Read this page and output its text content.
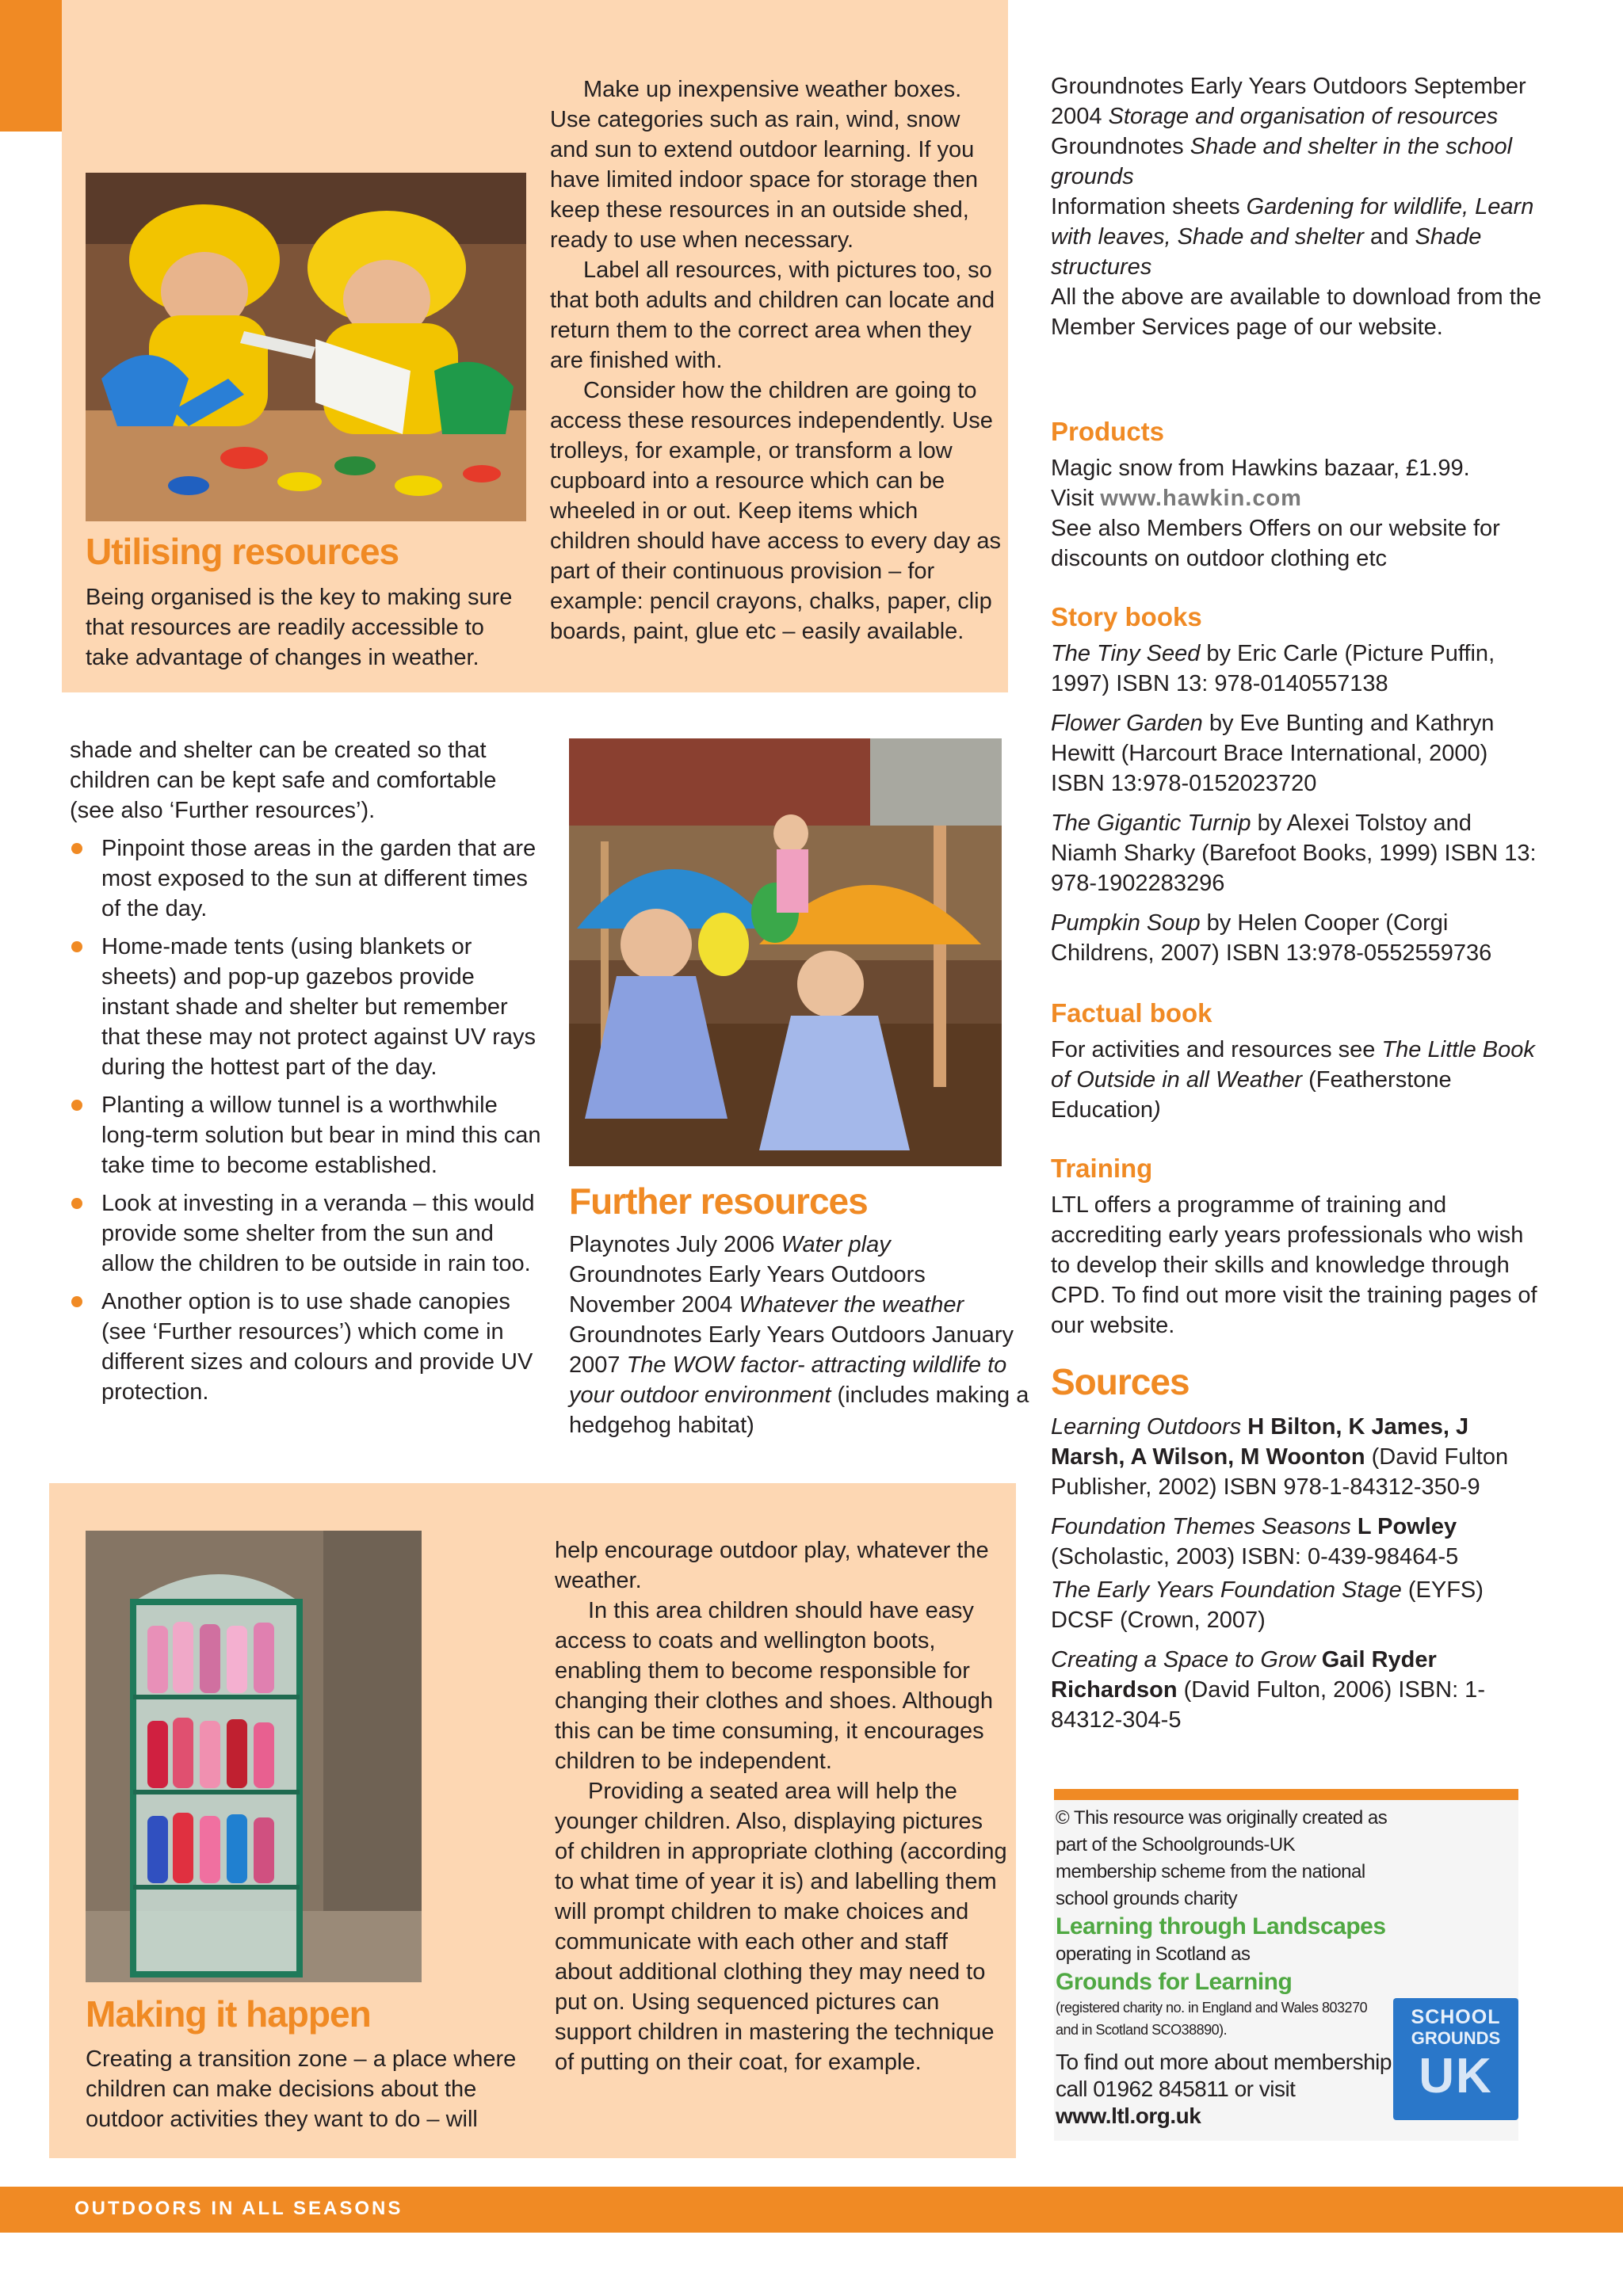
Utilising resources
Being organised is the key to making sure that resources are readily accessible to take advantage of changes in weather.

Make up inexpensive weather boxes. Use categories such as rain, wind, snow and sun to extend outdoor learning. If you have limited indoor space for storage then keep these resources in an outside shed, ready to use when necessary.

Label all resources, with pictures too, so that both adults and children can locate and return them to the correct area when they are finished with.

Consider how the children are going to access these resources independently. Use trolleys, for example, or transform a low cupboard into a resource which can be wheeled in or out. Keep items which children should have access to every day as part of their continuous provision – for example: pencil crayons, chalks, paper, clip boards, paint, glue etc – easily available.

shade and shelter can be created so that children can be kept safe and comfortable (see also ‘Further resources’).

Pinpoint those areas in the garden that are most exposed to the sun at different times of the day.
Home-made tents (using blankets or sheets) and pop-up gazebos provide instant shade and shelter but remember that these may not protect against UV rays during the hottest part of the day.
Planting a willow tunnel is a worthwhile long-term solution but bear in mind this can take time to become established.
Look at investing in a veranda – this would provide some shelter from the sun and allow the children to be outside in rain too.
Another option is to use shade canopies (see ‘Further resources’) which come in different sizes and colours and provide UV protection.
Further resources

Playnotes July 2006 Water play

Groundnotes Early Years Outdoors November 2004 Whatever the weather

Groundnotes Early Years Outdoors January 2007 The WOW factor- attracting wildlife to your outdoor environment (includes making a hedgehog habitat)

Making it happen
Creating a transition zone – a place where children can make decisions about the outdoor activities they want to do – will

help encourage outdoor play, whatever the weather.

In this area children should have easy access to coats and wellington boots, enabling them to become responsible for changing their clothes and shoes. Although this can be time consuming, it encourages children to be independent.

Providing a seated area will help the younger children. Also, displaying pictures of children in appropriate clothing (according to what time of year it is) and labelling them will prompt children to make choices and communicate with each other and staff about additional clothing they may need to put on. Using sequenced pictures can support children in mastering the technique of putting on their coat, for example.

Groundnotes Early Years Outdoors September 2004 Storage and organisation of resources

Groundnotes Shade and shelter in the school grounds

Information sheets Gardening for wildlife, Learn with leaves, Shade and shelter and Shade structures

All the above are available to download from the Member Services page of our website.

Products

Magic snow from Hawkins bazaar, £1.99.

Visit www.hawkin.com

See also Members Offers on our website for discounts on outdoor clothing etc

Story books

The Tiny Seed by Eric Carle (Picture Puffin, 1997) ISBN 13: 978-0140557138

Flower Garden by Eve Bunting and Kathryn Hewitt (Harcourt Brace International, 2000) ISBN 13:978-0152023720

The Gigantic Turnip by Alexei Tolstoy and Niamh Sharky (Barefoot Books, 1999) ISBN 13: 978-1902283296

Pumpkin Soup by Helen Cooper (Corgi Childrens, 2007) ISBN 13:978-0552559736

Factual book

For activities and resources see The Little Book of Outside in all Weather (Featherstone Education)

Training
LTL offers a programme of training and accrediting early years professionals who wish to develop their skills and knowledge through CPD. To find out more visit the training pages of our website.
Sources

Learning Outdoors H Bilton, K James, J Marsh, A Wilson, M Woonton (David Fulton Publisher, 2002) ISBN 978-1-84312-350-9

Foundation Themes Seasons L Powley (Scholastic, 2003) ISBN: 0-439-98464-5

The Early Years Foundation Stage (EYFS) DCSF (Crown, 2007)

Creating a Space to Grow Gail Ryder Richardson (David Fulton, 2006) ISBN: 1-84312-304-5

© This resource was originally created as part of the Schoolgrounds-UK membership scheme from the national school grounds charity
Learning through Landscapes
operating in Scotland as
Grounds for Learning
(registered charity no. in England and Wales 803270 and in Scotland SCO38890).
To find out more about membership call 01962 845811 or visit www.ltl.org.uk
SCHOOL
GROUNDS
UK
OUTDOORS IN ALL SEASONS
